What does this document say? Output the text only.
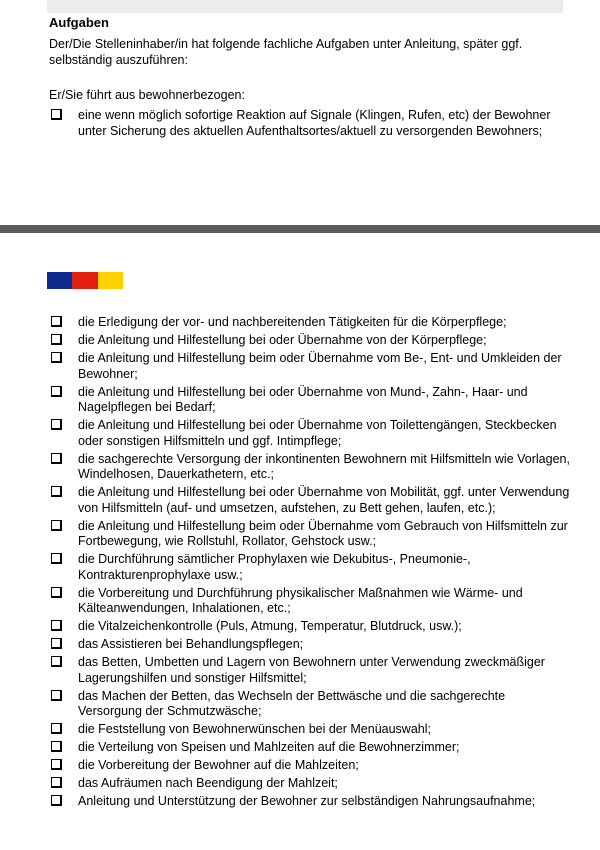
Aufgaben
Der/Die Stelleninhaber/in hat folgende fachliche Aufgaben unter Anleitung, später ggf. selbständig auszuführen:
Er/Sie führt aus bewohnerbezogen:
eine wenn möglich sofortige Reaktion auf Signale (Klingen, Rufen, etc) der Bewohner unter Sicherung des aktuellen Aufenthaltsortes/aktuell zu versorgenden Bewohners;
die Erledigung der vor- und nachbereitenden Tätigkeiten für die Körperpflege;
die Anleitung und Hilfestellung bei oder Übernahme von der Körperpflege;
die Anleitung und Hilfestellung beim oder Übernahme vom Be-, Ent- und Umkleiden der Bewohner;
die Anleitung und Hilfestellung bei oder Übernahme von Mund-, Zahn-, Haar- und Nagelpflegen bei Bedarf;
die Anleitung und Hilfestellung bei oder Übernahme von Toilettengängen, Steckbecken oder sonstigen Hilfsmitteln und ggf. Intimpflege;
die sachgerechte Versorgung der inkontinenten Bewohnern mit Hilfsmitteln wie Vorlagen, Windelhosen, Dauerkathetern, etc.;
die Anleitung und Hilfestellung bei oder Übernahme von Mobilität, ggf. unter Verwendung von Hilfsmitteln (auf- und umsetzen, aufstehen, zu Bett gehen, laufen, etc.);
die Anleitung und Hilfestellung beim oder Übernahme vom Gebrauch von Hilfsmitteln zur Fortbewegung, wie Rollstuhl, Rollator, Gehstock usw.;
die Durchführung sämtlicher Prophylaxen wie Dekubitus-, Pneumonie-, Kontrakturenprophylaxe usw.;
die Vorbereitung und Durchführung physikalischer Maßnahmen wie Wärme- und Kälteanwendungen, Inhalationen, etc.;
die Vitalzeichenkontrolle (Puls, Atmung, Temperatur, Blutdruck, usw.);
das Assistieren bei Behandlungspflegen;
das Betten, Umbetten und Lagern von Bewohnern unter Verwendung zweckmäßiger Lagerungshilfen und sonstiger Hilfsmittel;
das Machen der Betten, das Wechseln der Bettwäsche und die sachgerechte Versorgung der Schmutzwäsche;
die Feststellung von Bewohnerwünschen bei der Menüauswahl;
die Verteilung von Speisen und Mahlzeiten auf die Bewohnerzimmer;
die Vorbereitung der Bewohner auf die Mahlzeiten;
das Aufräumen nach Beendigung der Mahlzeit;
Anleitung und Unterstützung der Bewohner zur selbständigen Nahrungsaufnahme;
